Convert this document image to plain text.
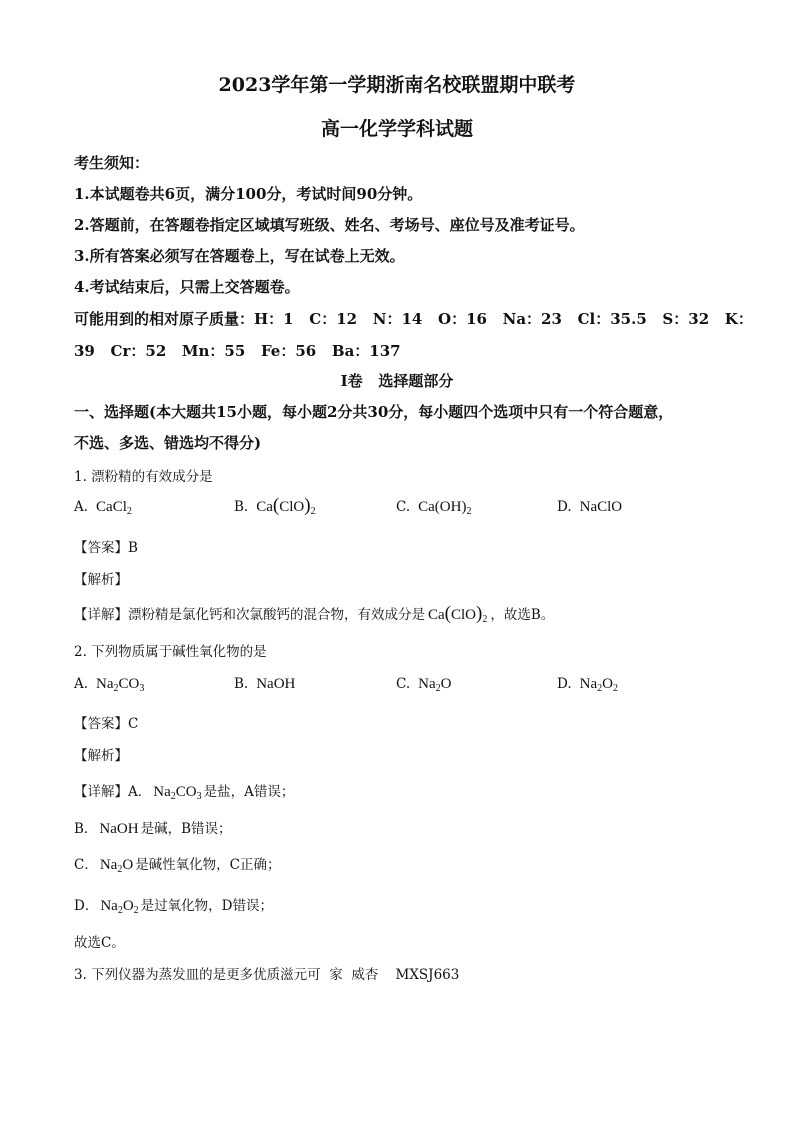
2023学年第一学期浙南名校联盟期中联考
高一化学学科试题
考生须知：
1.本试题卷共6页，满分100分，考试时间90分钟。
2.答题前，在答题卷指定区域填写班级、姓名、考场号、座位号及准考证号。
3.所有答案必须写在答题卷上，写在试卷上无效。
4.考试结束后，只需上交答题卷。
可能用到的相对原子质量：H：1   C：12   N：14   O：16   Na：23   Cl：35.5   S：32   K：
39   Cr：52   Mn：55   Fe：56   Ba：137
Ⅰ卷   选择题部分
一、选择题(本大题共15小题，每小题2分共30分，每小题四个选项中只有一个符合题意，
不选、多选、错选均不得分)
1. 漂粉精的有效成分是
A. CaCl$_2$	B. $Ca(ClO)_2$	C. $Ca(OH)_2$	D. NaClO
【答案】B
【解析】
【详解】漂粉精是氯化钙和次氯酸钙的混合物，有效成分是 $Ca(ClO)_2$ ，故选B。
2. 下列物质属于碱性氧化物的是
A. $Na_2CO_3$	B. NaOH	C. $Na_2O$	D. $Na_2O_2$
【答案】C
【解析】
【详解】A． $Na_2CO_3$ 是盐，A错误；
B． NaOH 是碱，B错误；
C． $Na_2O$ 是碱性氧化物，C正确；
D． $Na_2O_2$ 是过氧化物，D错误；
故选C。
3. 下列仪器为蒸发皿的是更多优质滋元可  家  威杏    MXSJ663
